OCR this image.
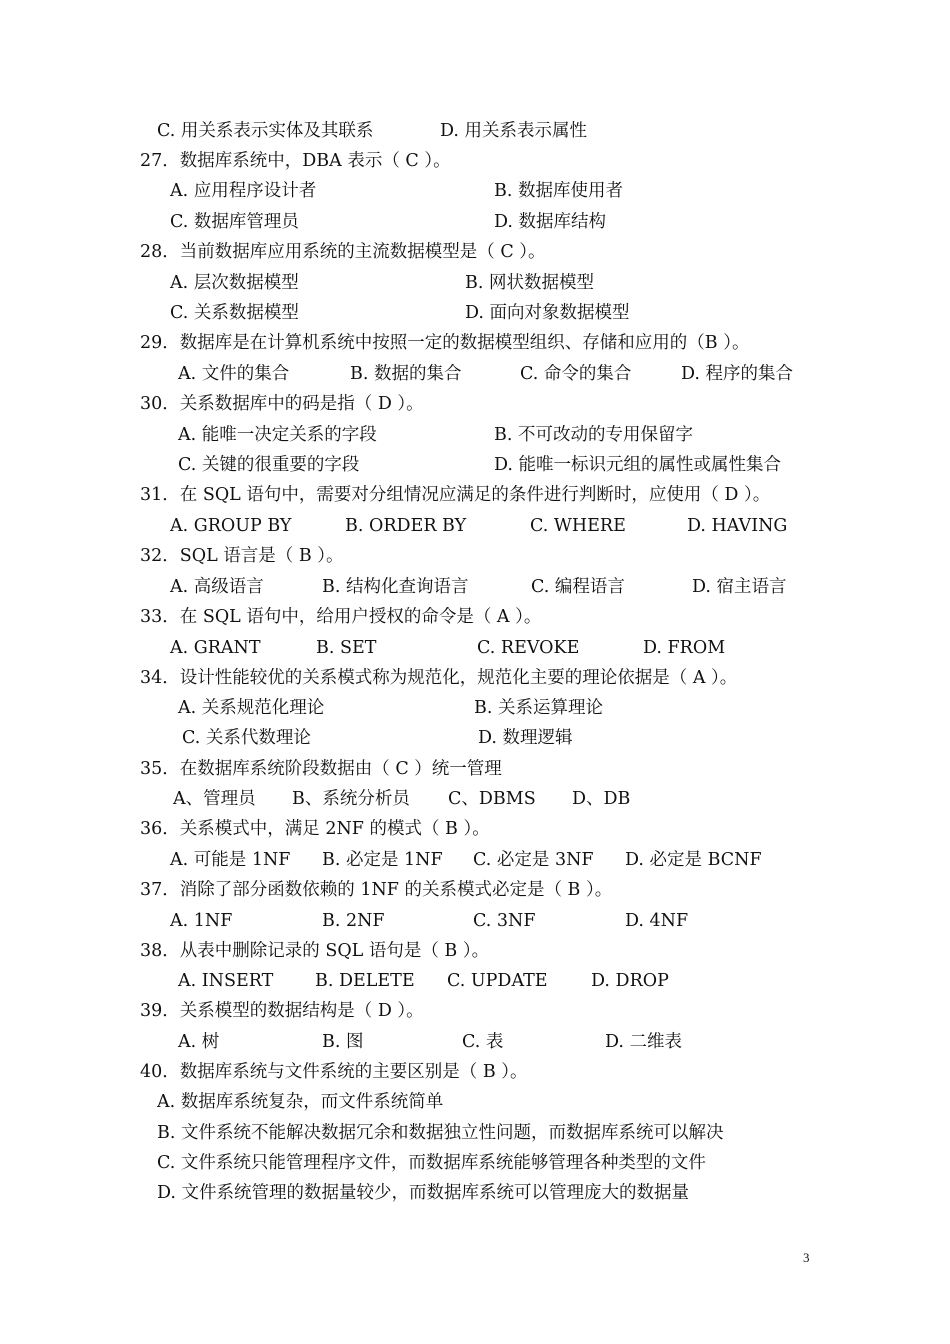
C. 用关系表示实体及其联系	D. 用关系表示属性
27．数据库系统中，DBA 表示（ C ）。
A. 应用程序设计者	B. 数据库使用者
C. 数据库管理员	D. 数据库结构
28．当前数据库应用系统的主流数据模型是（ C ）。
A. 层次数据模型	B. 网状数据模型
C. 关系数据模型	D. 面向对象数据模型
29．数据库是在计算机系统中按照一定的数据模型组织、存储和应用的（B ）。
A. 文件的集合	B. 数据的集合	C. 命令的集合	D. 程序的集合
30．关系数据库中的码是指（ D ）。
A. 能唯一决定关系的字段	B. 不可改动的专用保留字
C. 关键的很重要的字段	D. 能唯一标识元组的属性或属性集合
31．在 SQL 语句中，需要对分组情况应满足的条件进行判断时，应使用（ D ）。
A. GROUP BY	B. ORDER BY	C. WHERE	D. HAVING
32．SQL 语言是（ B ）。
A. 高级语言	B. 结构化查询语言	C. 编程语言	D. 宿主语言
33．在 SQL 语句中，给用户授权的命令是（ A ）。
A. GRANT	B. SET	C. REVOKE	D. FROM
34．设计性能较优的关系模式称为规范化，规范化主要的理论依据是（ A ）。
A. 关系规范化理论	B. 关系运算理论
C. 关系代数理论	D. 数理逻辑
35．在数据库系统阶段数据由（ C ）统一管理
A、管理员 B、系统分析员 C、DBMS D、DB
36．关系模式中，满足 2NF 的模式（ B ）。
A. 可能是 1NF B. 必定是 1NF C. 必定是 3NF D. 必定是 BCNF
37．消除了部分函数依赖的 1NF 的关系模式必定是（ B ）。
A. 1NF	B. 2NF	C. 3NF	D. 4NF
38．从表中删除记录的 SQL 语句是（ B ）。
A. INSERT B. DELETE C. UPDATE D. DROP
39．关系模型的数据结构是（ D ）。
A. 树	B. 图	C. 表	D. 二维表
40．数据库系统与文件系统的主要区别是（ B ）。
A. 数据库系统复杂，而文件系统简单
B. 文件系统不能解决数据冗余和数据独立性问题，而数据库系统可以解决
C. 文件系统只能管理程序文件，而数据库系统能够管理各种类型的文件
D. 文件系统管理的数据量较少，而数据库系统可以管理庞大的数据量
3
